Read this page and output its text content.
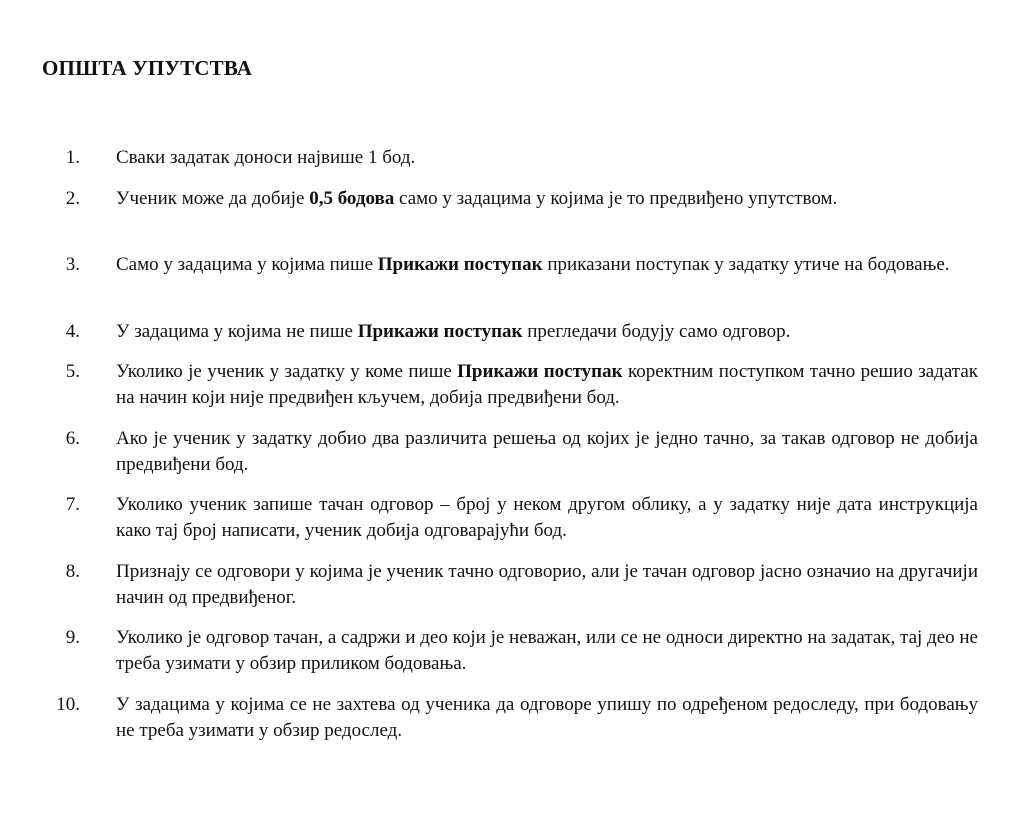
ОПШТА УПУТСТВА
1. Сваки задатак доноси највише 1 бод.
2. Ученик може да добије 0,5 бодова само у задацима у којима је то предвиђено упутством.
3. Само у задацима у којима пише Прикажи поступак приказани поступак у задатку утиче на бодовање.
4. У задацима у којима не пише Прикажи поступак прегледачи бодују само одговор.
5. Уколико је ученик у задатку у коме пише Прикажи поступак коректним поступком тачно решио задатак на начин који није предвиђен кључем, добија предвиђени бод.
6. Ако је ученик у задатку добио два различита решења од којих је једно тачно, за такав одговор не добија предвиђени бод.
7. Уколико ученик запише тачан одговор – број у неком другом облику, а у задатку није дата инструкција како тај број написати, ученик добија одговарајући бод.
8. Признају се одговори у којима је ученик тачно одговорио, али је тачан одговор јасно означио на другачији начин од предвиђеног.
9. Уколико је одговор тачан, а садржи и део који је неважан, или се не односи директно на задатак, тај део не треба узимати у обзир приликом бодовања.
10. У задацима у којима се не захтева од ученика да одговоре упишу по одређеном редоследу, при бодовању не треба узимати у обзир редослед.
